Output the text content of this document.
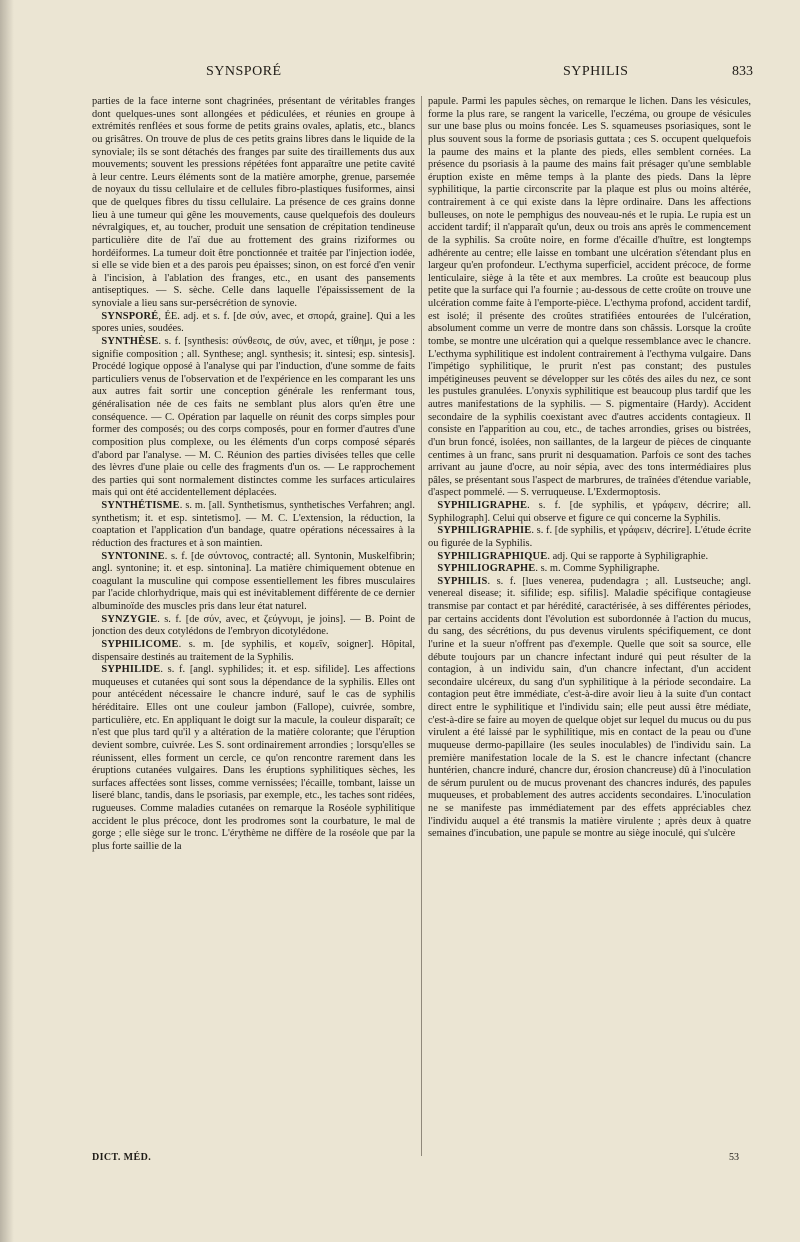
SYNSPORÉ	SYPHILIS	833

parties de la face interne sont chagrinées, présentant de véritables franges dont quelques-unes sont allongées et pédiculées, et réunies en groupe à extrémités renflées et sous forme de petits grains ovales, aplatis, etc., blancs ou grisâtres. On trouve de plus de ces petits grains libres dans le liquide de la synoviale; ils se sont détachés des franges par suite des tiraillements dus aux mouvements; souvent les pressions répétées font apparaître une petite cavité à leur centre. Leurs éléments sont de la matière amorphe, grenue, parsemée de noyaux du tissu cellulaire et de cellules fibro-plastiques fusiformes, ainsi que de quelques fibres du tissu cellulaire. La présence de ces grains donne lieu à une tumeur qui gêne les mouvements, cause quelquefois des douleurs névralgiques, et, au toucher, produit une sensation de crépitation tendineuse particulière dite de l'aï due au frottement des grains riziformes ou hordéiformes. La tumeur doit être ponctionnée et traitée par l'injection iodée, si elle se vide bien et a des parois peu épaisses; sinon, on est forcé d'en venir à l'incision, à l'ablation des franges, etc., en usant des pansements antiseptiques. — S. sèche. Celle dans laquelle l'épaississement de la synoviale a lieu sans sur-persécrétion de synovie.

SYNSPORÉ, ÉE. adj. et s. f. [de σύν, avec, et σπορά, graine]. Qui a les spores unies, soudées.

SYNTHÈSE. s. f. [synthesis: σύνθεσις, de σύν, avec, et τίθημι, je pose : signifie composition ; all. Synthese; angl. synthesis; it. sintesi; esp. sintesis]. Procédé logique opposé à l'analyse qui par l'induction, d'une somme de faits particuliers venus de l'observation et de l'expérience en les comparant les uns aux autres fait sortir une conception générale les renfermant tous, généralisation née de ces faits ne semblant plus alors qu'en être une conséquence. — C. Opération par laquelle on réunit des corps simples pour former des composés; ou des corps composés, pour en former d'autres d'une composition plus complexe, ou les éléments d'un corps composé séparés d'abord par l'analyse. — M. C. Réunion des parties divisées telles que celle des lèvres d'une plaie ou celle des fragments d'un os. — Le rapprochement des parties qui sont normalement distinctes comme les surfaces articulaires mais qui ont été accidentellement déplacées.

SYNTHÉTISME. s. m. [all. Synthetismus, synthetisches Verfahren; angl. synthetism; it. et esp. sintetismo]. — M. C. L'extension, la réduction, la coaptation et l'application d'un bandage, quatre opérations nécessaires à la réduction des fractures et à son maintien.

SYNTONINE. s. f. [de σύντονος, contracté; all. Syntonin, Muskelfibrin; angl. syntonine; it. et esp. sintonina]. La matière chimiquement obtenue en coagulant la musculine qui compose essentiellement les fibres musculaires par l'acide chlorhydrique, mais qui est inévitablement différente de ce dernier albuminoïde des muscles pris dans leur état naturel.

SYNZYGIE. s. f. [de σύν, avec, et ζεύγνυμι, je joins]. — B. Point de jonction des deux cotylédons de l'embryon dicotylédone.

SYPHILICOME. s. m. [de syphilis, et κομεῖν, soigner]. Hôpital, dispensaire destinés au traitement de la Syphilis.

SYPHILIDE. s. f. [angl. syphilides; it. et esp. sifilide]. Les affections muqueuses et cutanées qui sont sous la dépendance de la syphilis. Elles ont pour antécédent nécessaire le chancre induré, sauf le cas de syphilis héréditaire. Elles ont une couleur jambon (Fallope), cuivrée, sombre, particulière, etc. En appliquant le doigt sur la macule, la couleur disparaît; ce n'est que plus tard qu'il y a altération de la matière colorante; que l'éruption devient sombre, cuivrée. Les S. sont ordinairement arrondies ; lorsqu'elles se réunissent, elles forment un cercle, ce qu'on rencontre rarement dans les éruptions cutanées vulgaires. Dans les éruptions syphilitiques sèches, les surfaces affectées sont lisses, comme vernissées; l'écaille, tombant, laisse un liseré blanc, tandis, dans le psoriasis, par exemple, etc., les taches sont ridées, rugueuses. Comme maladies cutanées on remarque la Roséole syphilitique accident le plus précoce, dont les prodromes sont la courbature, le mal de gorge ; elle siège sur le tronc. L'érythème ne diffère de la roséole que par la plus forte saillie de la

papule. Parmi les papules sèches, on remarque le lichen. Dans les vésicules, forme la plus rare, se rangent la varicelle, l'eczéma, ou groupe de vésicules sur une base plus ou moins foncée. Les S. squameuses psoriasiques, sont le plus souvent sous la forme de psoriasis guttata ; ces S. occupent quelquefois la paume des mains et la plante des pieds, elles semblent cornées. La présence du psoriasis à la paume des mains fait présager qu'une semblable éruption existe en même temps à la plante des pieds. Dans la lèpre syphilitique, la partie circonscrite par la plaque est plus ou moins altérée, contrairement à ce qui existe dans la lèpre ordinaire. Dans les affections bulleuses, on note le pemphigus des nouveau-nés et le rupia. Le rupia est un accident tardif; il n'apparaît qu'un, deux ou trois ans après le commencement de la syphilis. Sa croûte noire, en forme d'écaille d'huître, est longtemps adhérente au centre; elle laisse en tombant une ulcération s'étendant plus en largeur qu'en profondeur. L'ecthyma superficiel, accident précoce, de forme lenticulaire, siège à la tête et aux membres. La croûte est beaucoup plus petite que la surface qui l'a fournie ; au-dessous de cette croûte on trouve une ulcération comme faite à l'emporte-pièce. L'ecthyma profond, accident tardif, est isolé; il présente des croûtes stratifiées entourées de l'ulcération, absolument comme un verre de montre dans son châssis. Lorsque la croûte tombe, se montre une ulcération qui a quelque ressemblance avec le chancre. L'ecthyma syphilitique est indolent contrairement à l'ecthyma vulgaire. Dans l'impétigo syphilitique, le prurit n'est pas constant; des pustules impétigineuses peuvent se développer sur les côtés des ailes du nez, ce sont les pustules granulées. L'onyxis syphilitique est beaucoup plus tardif que les autres manifestations de la syphilis. — S. pigmentaire (Hardy). Accident secondaire de la syphilis coexistant avec d'autres accidents contagieux. Il consiste en l'apparition au cou, etc., de taches arrondies, grises ou bistrées, d'un brun foncé, isolées, non saillantes, de la largeur de pièces de cinquante centimes à un franc, sans prurit ni desquamation. Parfois ce sont des taches arrivant au jaune d'ocre, au noir sépia, avec des tons intermédiaires plus pâles, se présentant sous l'aspect de marbrures, de traînées d'étendue variable, d'aspect pommelé. — S. verruqueuse. L'Exdermoptosis.

SYPHILIGRAPHE. s. f. [de syphilis, et γράφειν, décrire; all. Syphilograph]. Celui qui observe et figure ce qui concerne la Syphilis.

SYPHILIGRAPHIE. s. f. [de syphilis, et γράφειν, décrire]. L'étude écrite ou figurée de la Syphilis.

SYPHILIGRAPHIQUE. adj. Qui se rapporte à Syphiligraphie.

SYPHILIOGRAPHE. s. m. Comme Syphiligraphe.

SYPHILIS. s. f. [lues venerea, pudendagra ; all. Lustseuche; angl. venereal disease; it. sifilide; esp. sifilis]. Maladie spécifique contagieuse transmise par contact et par hérédité, caractérisée, à ses différentes périodes, par certains accidents dont l'évolution est subordonnée à l'action du mucus, du sang, des sécrétions, du pus devenus virulents spécifiquement, ce dont l'urine et la sueur n'offrent pas d'exemple. Quelle que soit sa source, elle débute toujours par un chancre infectant induré qui peut résulter de la contagion, à un individu sain, d'un chancre infectant, d'un accident secondaire ulcéreux, du sang d'un syphilitique à la période secondaire. La contagion peut être immédiate, c'est-à-dire avoir lieu à la suite d'un contact direct entre le syphilitique et l'individu sain; elle peut aussi être médiate, c'est-à-dire se faire au moyen de quelque objet sur lequel du mucus ou du pus virulent a été laissé par le syphilitique, mis en contact de la peau ou d'une muqueuse dermo-papillaire (les seules inoculables) de l'individu sain. La première manifestation locale de la S. est le chancre infectant (chancre huntérien, chancre induré, chancre dur, érosion chancreuse) dû à l'inoculation de sérum purulent ou de mucus provenant des chancres indurés, des papules muqueuses, et probablement des autres accidents secondaires. L'inoculation ne se manifeste pas immédiatement par des effets appréciables chez l'individu auquel a été transmis la matière virulente ; après deux à quatre semaines d'incubation, une papule se montre au siège inoculé, qui s'ulcère

DICT. MÉD.	53
